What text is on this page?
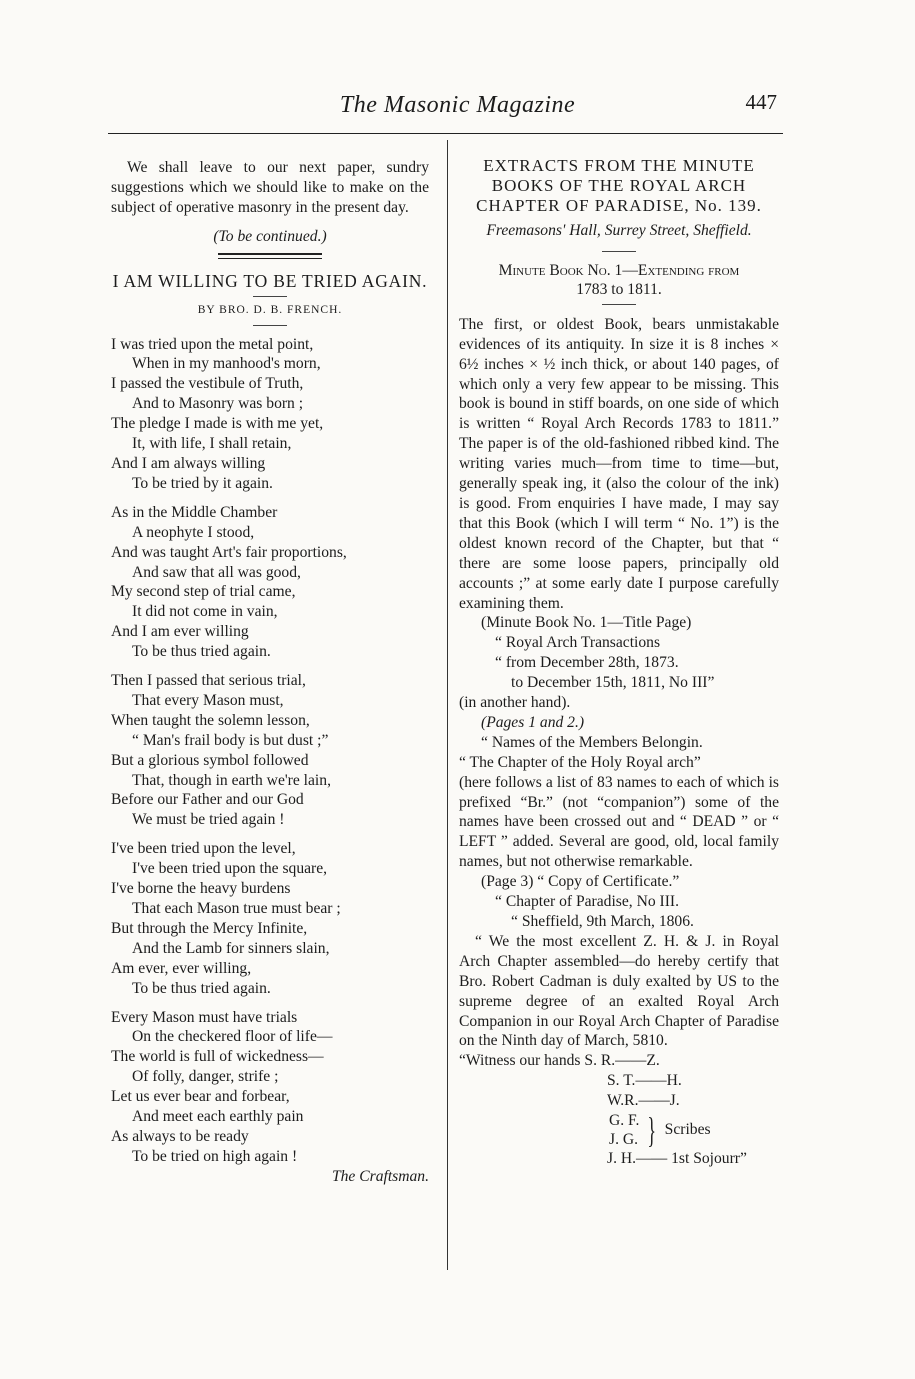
The Masonic Magazine	447

We shall leave to our next paper, sundry suggestions which we should like to make on the subject of operative masonry in the present day.

(To be continued.)

I AM WILLING TO BE TRIED AGAIN.
BY BRO. D. B. FRENCH.
I was tried upon the metal point,
When in my manhood's morn,
I passed the vestibule of Truth,
And to Masonry was born ;
The pledge I made is with me yet,
It, with life, I shall retain,
And I am always willing
To be tried by it again.
As in the Middle Chamber
A neophyte I stood,
And was taught Art's fair proportions,
And saw that all was good,
My second step of trial came,
It did not come in vain,
And I am ever willing
To be thus tried again.
Then I passed that serious trial,
That every Mason must,
When taught the solemn lesson,
“ Man's frail body is but dust ;”
But a glorious symbol followed
That, though in earth we're lain,
Before our Father and our God
We must be tried again !
I've been tried upon the level,
I've been tried upon the square,
I've borne the heavy burdens
That each Mason true must bear ;
But through the Mercy Infinite,
And the Lamb for sinners slain,
Am ever, ever willing,
To be thus tried again.
Every Mason must have trials
On the checkered floor of life—
The world is full of wickedness—
Of folly, danger, strife ;
Let us ever bear and forbear,
And meet each earthly pain
As always to be ready
To be tried on high again !
The Craftsman.
EXTRACTS FROM THE MINUTE
BOOKS OF THE ROYAL ARCH
CHAPTER OF PARADISE, No. 139.
Freemasons' Hall, Surrey Street, Sheffield.
Minute Book No. 1—Extending from
1783 to 1811.

The first, or oldest Book, bears unmistakable evidences of its antiquity. In size it is 8 inches × 6½ inches × ½ inch thick, or about 140 pages, of which only a very few appear to be missing. This book is bound in stiff boards, on one side of which is written “ Royal Arch Records 1783 to 1811.” The paper is of the old-fashioned ribbed kind. The writing varies much—from time to time—but, generally speak ing, it (also the colour of the ink) is good. From enquiries I have made, I may say that this Book (which I will term “ No. 1”) is the oldest known record of the Chapter, but that “ there are some loose papers, principally old accounts ;” at some early date I purpose carefully examining them.

(Minute Book No. 1—Title Page)

“ Royal Arch Transactions

“ from December 28th, 1873.

to December 15th, 1811, No III”

(in another hand).

(Pages 1 and 2.)

“ Names of the Members Belongin.

“ The Chapter of the Holy Royal arch”

(here follows a list of 83 names to each of which is prefixed “Br.” (not “companion”) some of the names have been crossed out and “ DEAD ” or “ LEFT ” added. Several are good, old, local family names, but not otherwise remarkable.

(Page 3) “ Copy of Certificate.”

“ Chapter of Paradise, No III.

“ Sheffield, 9th March, 1806.

“ We the most excellent Z. H. & J. in Royal Arch Chapter assembled—do hereby certify that Bro. Robert Cadman is duly exalted by US to the supreme degree of an exalted Royal Arch Companion in our Royal Arch Chapter of Paradise on the Ninth day of March, 5810.

“Witness our hands S. R.——Z.

S. T.——H.

W.R.——J.

G. F.
J. G. } Scribes

J. H.—— 1st Sojourr”
